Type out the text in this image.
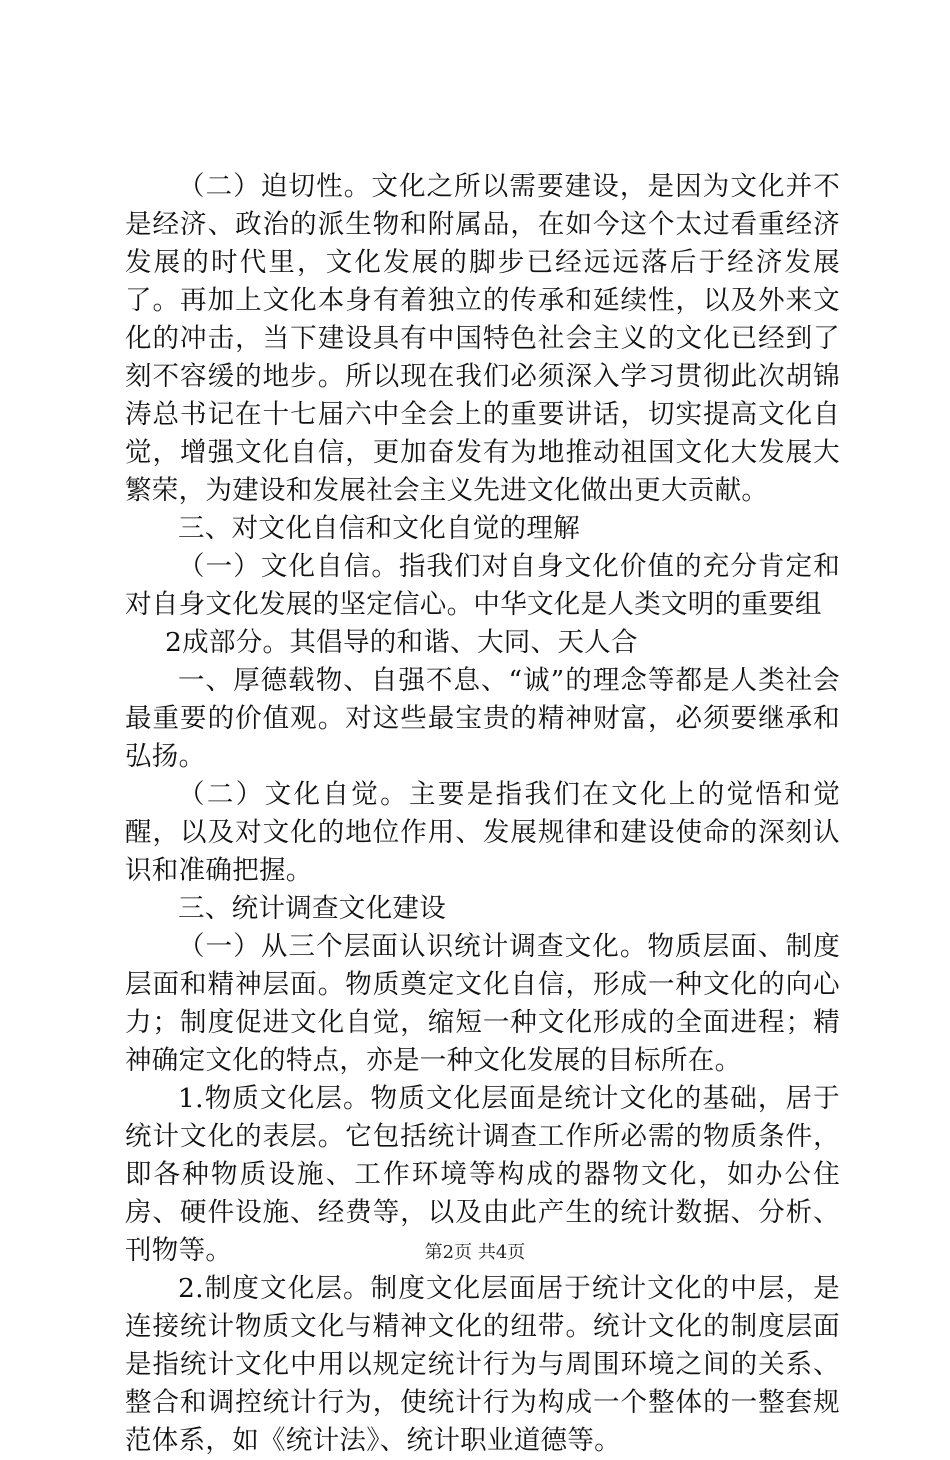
（二）迫切性。文化之所以需要建设，是因为文化并不是经济、政治的派生物和附属品，在如今这个太过看重经济发展的时代里，文化发展的脚步已经远远落后于经济发展了。再加上文化本身有着独立的传承和延续性，以及外来文化的冲击，当下建设具有中国特色社会主义的文化已经到了刻不容缓的地步。所以现在我们必须深入学习贯彻此次胡锦涛总书记在十七届六中全会上的重要讲话，切实提高文化自觉，增强文化自信，更加奋发有为地推动祖国文化大发展大繁荣，为建设和发展社会主义先进文化做出更大贡献。

三、对文化自信和文化自觉的理解

（一）文化自信。指我们对自身文化价值的充分肯定和对自身文化发展的坚定信心。中华文化是人类文明的重要组

2成部分。其倡导的和谐、大同、天人合

一、厚德载物、自强不息、“诚”的理念等都是人类社会最重要的价值观。对这些最宝贵的精神财富，必须要继承和弘扬。

（二）文化自觉。主要是指我们在文化上的觉悟和觉醒，以及对文化的地位作用、发展规律和建设使命的深刻认识和准确把握。

三、统计调查文化建设

（一）从三个层面认识统计调查文化。物质层面、制度层面和精神层面。物质奠定文化自信，形成一种文化的向心力；制度促进文化自觉，缩短一种文化形成的全面进程；精神确定文化的特点，亦是一种文化发展的目标所在。

1.物质文化层。物质文化层面是统计文化的基础，居于统计文化的表层。它包括统计调查工作所必需的物质条件，即各种物质设施、工作环境等构成的器物文化，如办公住房、硬件设施、经费等，以及由此产生的统计数据、分析、刊物等。

2.制度文化层。制度文化层面居于统计文化的中层，是连接统计物质文化与精神文化的纽带。统计文化的制度层面是指统计文化中用以规定统计行为与周围环境之间的关系、整合和调控统计行为，使统计行为构成一个整体的一整套规范体系，如《统计法》、统计职业道德等。

第2页 共4页
